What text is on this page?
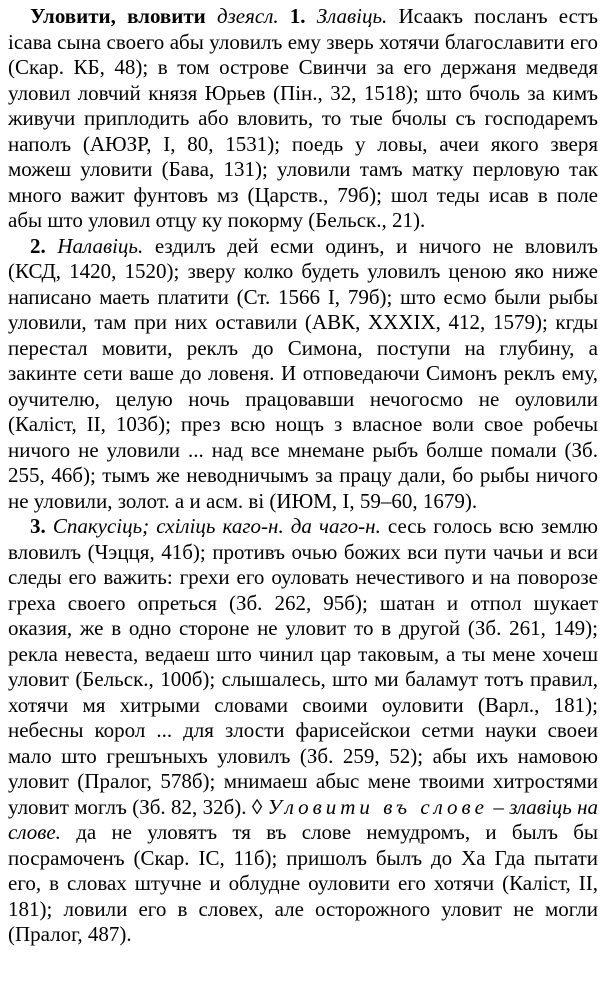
Уловити, вловити дзеясл. 1. Злавіць. Исаакъ посланъ естъ ісава сына своего абы уловилъ ему зверь хотячи благославити его (Скар. КБ, 48); в том острове Свинчи за его держаня медведя уловил ловчий князя Юрьев (Пін., 32, 1518); што бчоль за кимъ живучи приплодить або вловить, то тые бчолы съ господаремъ наполъ (АЮЗР, I, 80, 1531); поедь у ловы, ачеи якого зверя можеш уловити (Бава, 131); уловили тамъ матку перловую так много важит фунтовъ мз (Царств., 79б); шол теды исав в поле абы што уловил отцу ку покорму (Бельск., 21).

2. Налавіць. ездилъ дей есми одинъ, и ничого не вловилъ (КСД, 1420, 1520); зверу колко будеть уловилъ ценою яко ниже написано маеть платити (Ст. 1566 I, 79б); што есмо были рыбы уловили, там при них оставили (АВК, XXXIX, 412, 1579); кгды перестал мовити, реклъ до Симона, поступи на глубину, а закинте сети ваше до ловеня. И отповедаючи Симонъ реклъ ему, оучителю, целую ночь працовавши нечогосмо не оуловили (Каліст, II, 103б); през всю нощъ з власное воли свое робечы ничого не уловили ... над все мнемане рыбъ болше помали (Зб. 255, 46б); тымъ же неводничымъ за працу дали, бо рыбы ничого не уловили, золот. а и асм. ві (ИЮМ, I, 59–60, 1679).

3. Спакусіць; схіліць каго-н. да чаго-н. сесь голось всю землю вловилъ (Чэцця, 41б); противъ очью божих вси пути чачьи и вси следы его важить: грехи его оуловать нечестивого и на поворозе греха своего опреться (Зб. 262, 95б); шатан и отпол шукает оказия, же в одно стороне не уловит то в другой (Зб. 261, 149); рекла невеста, ведаеш што чинил цар таковым, а ты мене хочеш уловит (Бельск., 100б); слышалесь, што ми баламут тотъ правил, хотячи мя хитрыми словами своими оуловити (Варл., 181); небесны корол ... для злости фарисейскои сетми науки своеи мало што грешъныхъ уловилъ (Зб. 259, 52); абы ихъ намовою уловит (Пралог, 578б); мнимаеш абыс мене твоими хитростями уловит моглъ (Зб. 82, 32б). ◊ Уловити въ слове – злавіць на слове. да не уловятъ тя въ слове немудромъ, и былъ бы посрамоченъ (Скар. ІС, 11б); пришолъ былъ до Ха Гда пытати его, в словах штучне и облудне оуловити его хотячи (Каліст, II, 181); ловили его в словех, але осторожного уловит не могли (Пралог, 487).
